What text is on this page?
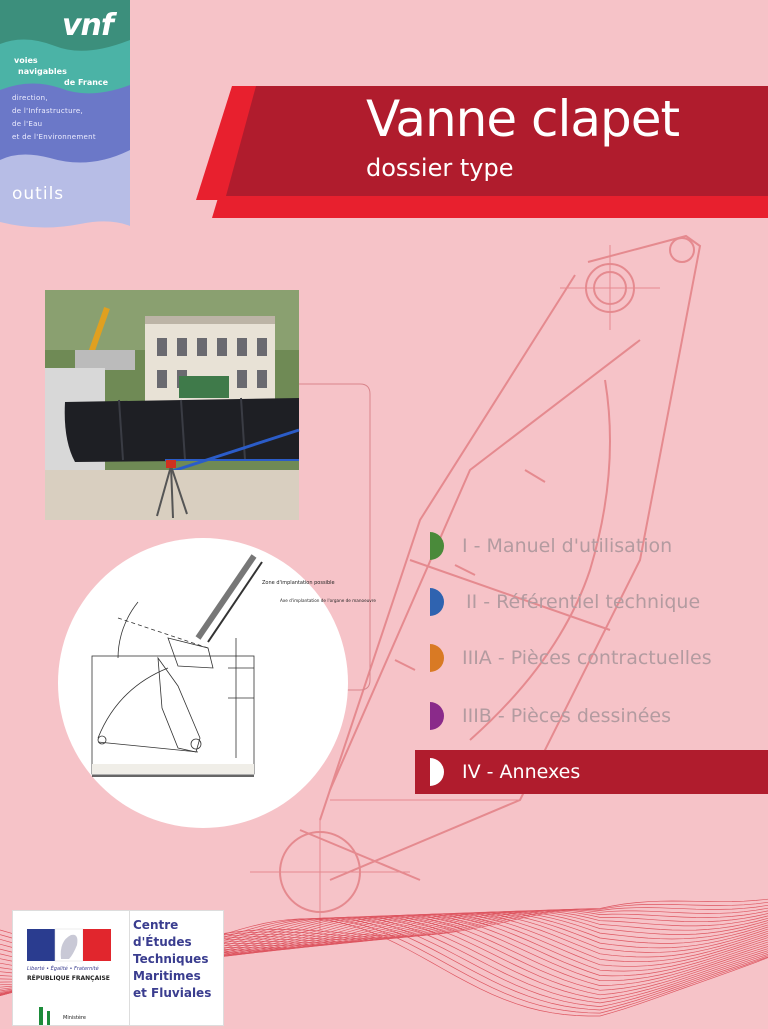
Vanne clapet
dossier type
vnf
voies
navigables
de France
direction,
de l'Infrastructure,
de l'Eau
et de l'Environnement
outils
Zone d'implantation possible
Axe d'implantation de l'organe de manoeuvre
I - Manuel d'utilisation
II - Référentiel technique
IIIA - Pièces contractuelles
IIIB - Pièces dessinées
IV - Annexes
Liberté • Égalité • Fraternité
RÉPUBLIQUE FRANÇAISE
Ministère
Centre
d'Études
Techniques
Maritimes
et Fluviales
